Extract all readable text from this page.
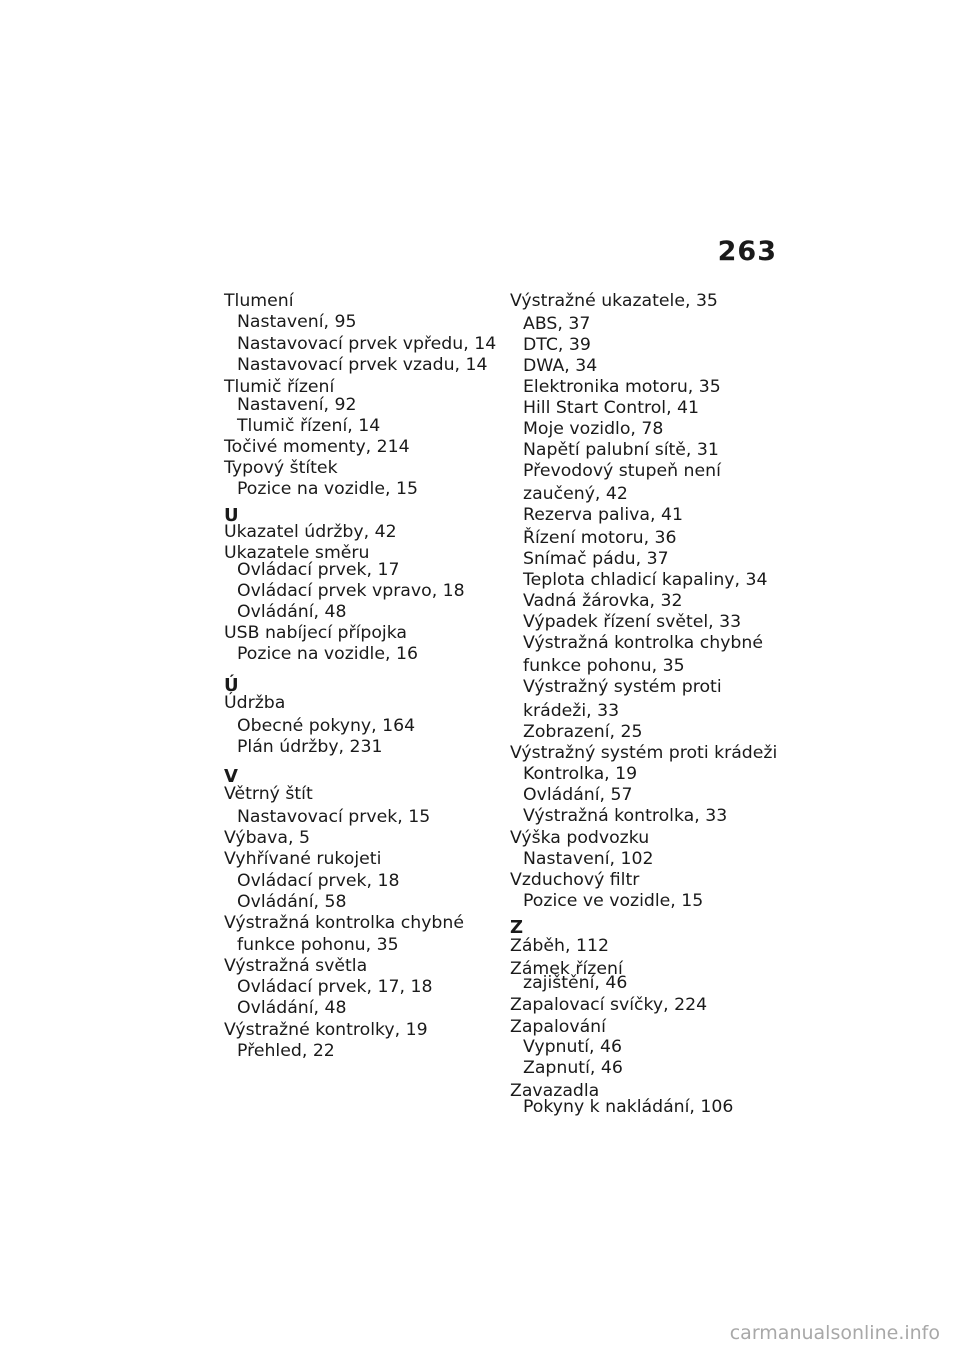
263
Tlumení
Nastavení, 95
Nastavovací prvek vpředu, 14
Nastavovací prvek vzadu, 14
Tlumič řízení
Nastavení, 92
Tlumič řízení, 14
Točivé momenty, 214
Typový štítek
Pozice na vozidle, 15
U
Ukazatel údržby, 42
Ukazatele směru
Ovládací prvek, 17
Ovládací prvek vpravo, 18
Ovládání, 48
USB nabíjecí přípojka
Pozice na vozidle, 16
Ú
Údržba
Obecné pokyny, 164
Plán údržby, 231
V
Větrný štít
Nastavovací prvek, 15
Výbava, 5
Vyhřívané rukojeti
Ovládací prvek, 18
Ovládání, 58
Výstražná kontrolka chybné
funkce pohonu, 35
Výstražná světla
Ovládací prvek, 17, 18
Ovládání, 48
Výstražné kontrolky, 19
Přehled, 22
Výstražné ukazatele, 35
ABS, 37
DTC, 39
DWA, 34
Elektronika motoru, 35
Hill Start Control, 41
Moje vozidlo, 78
Napětí palubní sítě, 31
Převodový stupeň není
zaučený, 42
Rezerva paliva, 41
Řízení motoru, 36
Snímač pádu, 37
Teplota chladicí kapaliny, 34
Vadná žárovka, 32
Výpadek řízení světel, 33
Výstražná kontrolka chybné
funkce pohonu, 35
Výstražný systém proti
krádeži, 33
Zobrazení, 25
Výstražný systém proti krádeži
Kontrolka, 19
Ovládání, 57
Výstražná kontrolka, 33
Výška podvozku
Nastavení, 102
Vzduchový filtr
Pozice ve vozidle, 15
Z
Záběh, 112
Zámek řízení
zajištění, 46
Zapalovací svíčky, 224
Zapalování
Vypnutí, 46
Zapnutí, 46
Zavazadla
Pokyny k nakládání, 106
carmanualsonline.info
